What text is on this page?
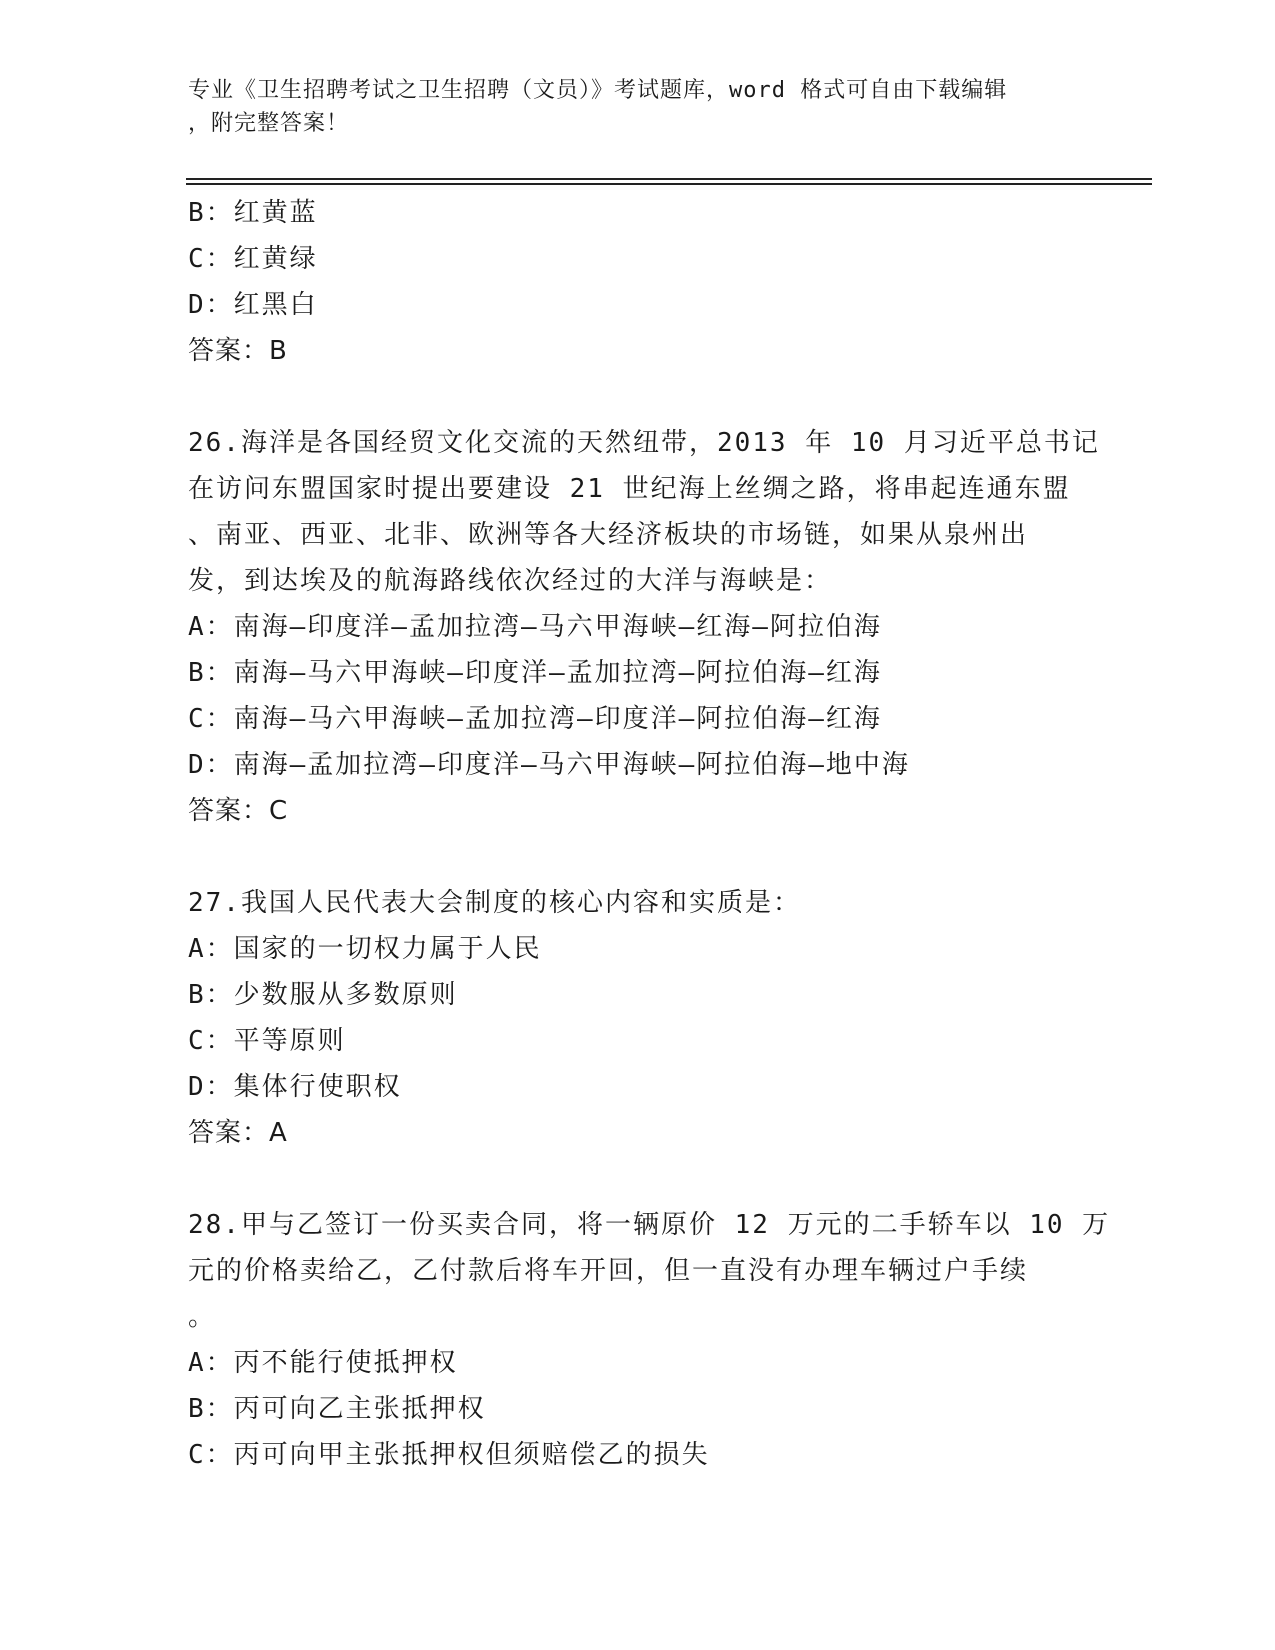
专业《卫生招聘考试之卫生招聘（文员）》考试题库，word 格式可自由下载编辑
，附完整答案！
B：红黄蓝
C：红黄绿
D：红黑白
答案：B
26.海洋是各国经贸文化交流的天然纽带，2013 年 10 月习近平总书记
在访问东盟国家时提出要建设 21 世纪海上丝绸之路，将串起连通东盟
、南亚、西亚、北非、欧洲等各大经济板块的市场链，如果从泉州出
发，到达埃及的航海路线依次经过的大洋与海峡是：
A：南海—印度洋—孟加拉湾—马六甲海峡—红海—阿拉伯海
B：南海—马六甲海峡—印度洋—孟加拉湾—阿拉伯海—红海
C：南海—马六甲海峡—孟加拉湾—印度洋—阿拉伯海—红海
D：南海—孟加拉湾—印度洋—马六甲海峡—阿拉伯海—地中海
答案：C
27.我国人民代表大会制度的核心内容和实质是：
A：国家的一切权力属于人民
B：少数服从多数原则
C：平等原则
D：集体行使职权
答案：A
28.甲与乙签订一份买卖合同，将一辆原价 12 万元的二手轿车以 10 万
元的价格卖给乙，乙付款后将车开回，但一直没有办理车辆过户手续
。
A：丙不能行使抵押权
B：丙可向乙主张抵押权
C：丙可向甲主张抵押权但须赔偿乙的损失
